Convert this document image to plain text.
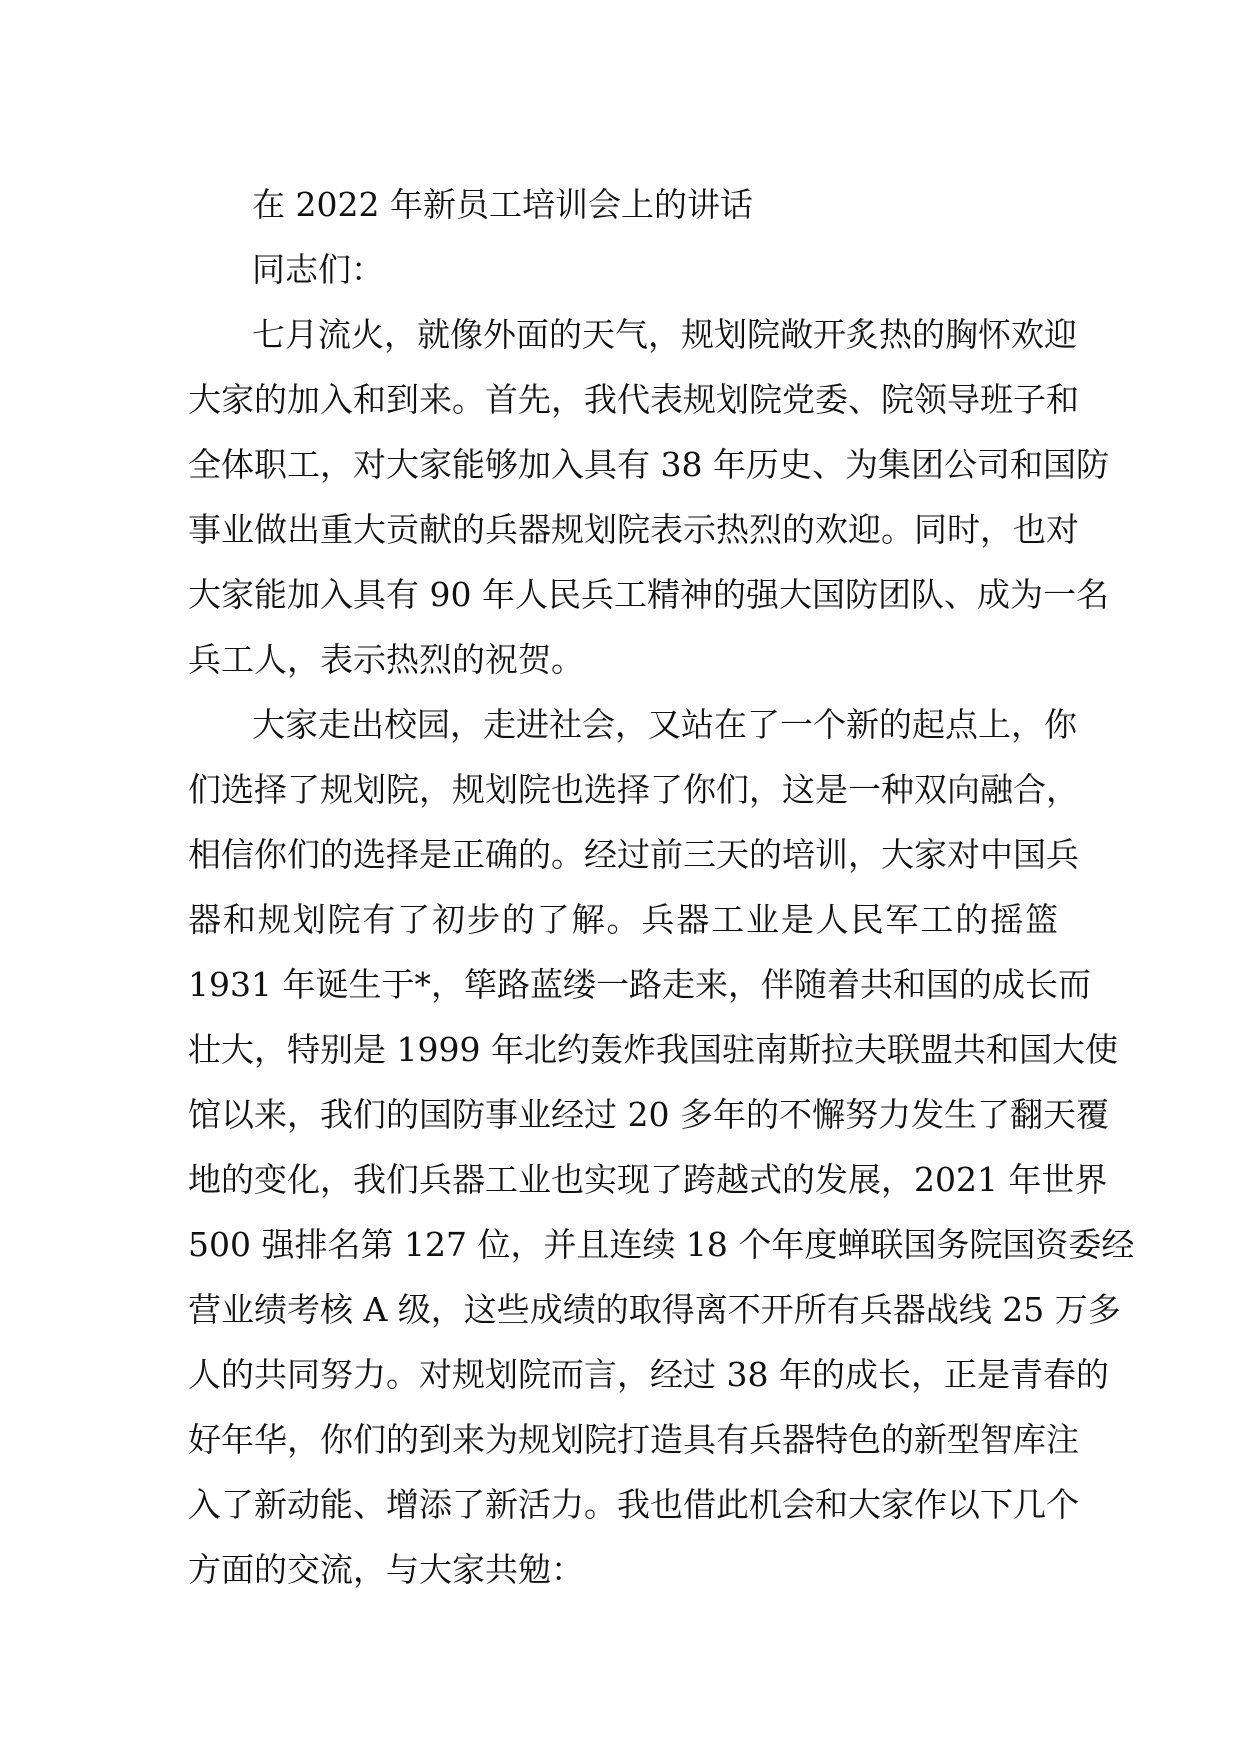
在 2022 年新员工培训会上的讲话
同志们：
七月流火，就像外面的天气，规划院敞开炙热的胸怀欢迎
大家的加入和到来。首先，我代表规划院党委、院领导班子和
全体职工，对大家能够加入具有 38 年历史、为集团公司和国防
事业做出重大贡献的兵器规划院表示热烈的欢迎。同时，也对
大家能加入具有 90 年人民兵工精神的强大国防团队、成为一名
兵工人，表示热烈的祝贺。
大家走出校园，走进社会，又站在了一个新的起点上，你
们选择了规划院，规划院也选择了你们，这是一种双向融合，
相信你们的选择是正确的。经过前三天的培训，大家对中国兵
器和规划院有了初步的了解。兵器工业是人民军工的摇篮
1931 年诞生于*，筚路蓝缕一路走来，伴随着共和国的成长而
壮大，特别是 1999 年北约轰炸我国驻南斯拉夫联盟共和国大使
馆以来，我们的国防事业经过 20 多年的不懈努力发生了翻天覆
地的变化，我们兵器工业也实现了跨越式的发展，2021 年世界
500 强排名第 127 位，并且连续 18 个年度蝉联国务院国资委经
营业绩考核 A 级，这些成绩的取得离不开所有兵器战线 25 万多
人的共同努力。对规划院而言，经过 38 年的成长，正是青春的
好年华，你们的到来为规划院打造具有兵器特色的新型智库注
入了新动能、增添了新活力。我也借此机会和大家作以下几个
方面的交流，与大家共勉：
